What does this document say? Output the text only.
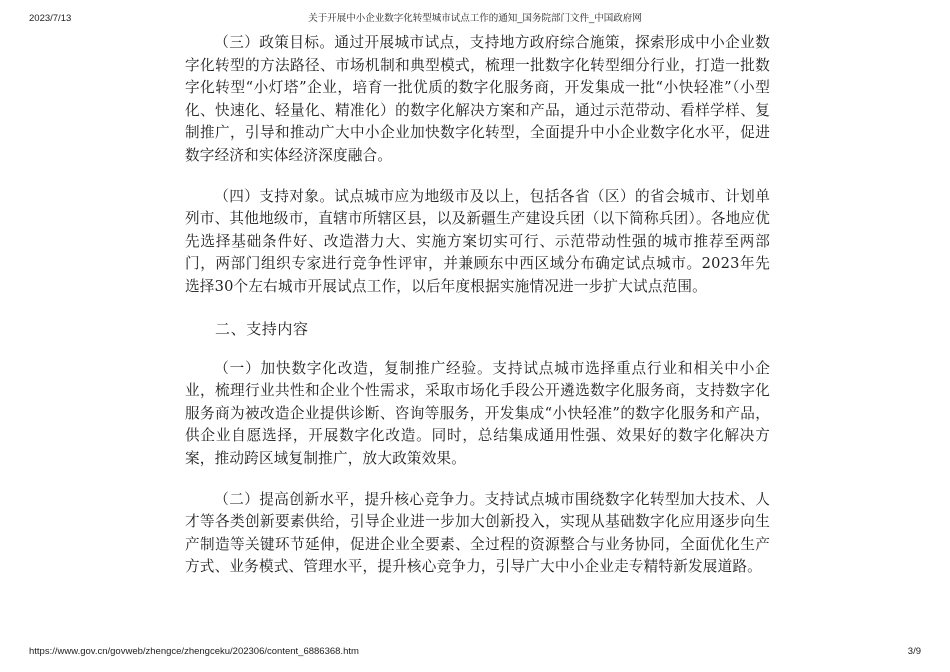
2023/7/13	关于开展中小企业数字化转型城市试点工作的通知_国务院部门文件_中国政府网

（三）政策目标。通过开展城市试点，支持地方政府综合施策，探索形成中小企业数字化转型的方法路径、市场机制和典型模式，梳理一批数字化转型细分行业，打造一批数字化转型“小灯塔”企业，培育一批优质的数字化服务商，开发集成一批“小快轻准”（小型化、快速化、轻量化、精准化）的数字化解决方案和产品，通过示范带动、看样学样、复制推广，引导和推动广大中小企业加快数字化转型，全面提升中小企业数字化水平，促进数字经济和实体经济深度融合。

（四）支持对象。试点城市应为地级市及以上，包括各省（区）的省会城市、计划单列市、其他地级市，直辖市所辖区县，以及新疆生产建设兵团（以下简称兵团）。各地应优先选择基础条件好、改造潜力大、实施方案切实可行、示范带动性强的城市推荐至两部门，两部门组织专家进行竞争性评审，并兼顾东中西区域分布确定试点城市。2023年先选择30个左右城市开展试点工作，以后年度根据实施情况进一步扩大试点范围。

二、支持内容

（一）加快数字化改造，复制推广经验。支持试点城市选择重点行业和相关中小企业，梳理行业共性和企业个性需求，采取市场化手段公开遴选数字化服务商，支持数字化服务商为被改造企业提供诊断、咨询等服务，开发集成“小快轻准”的数字化服务和产品，供企业自愿选择，开展数字化改造。同时，总结集成通用性强、效果好的数字化解决方案，推动跨区域复制推广，放大政策效果。

（二）提高创新水平，提升核心竞争力。支持试点城市围绕数字化转型加大技术、人才等各类创新要素供给，引导企业进一步加大创新投入，实现从基础数字化应用逐步向生产制造等关键环节延伸，促进企业全要素、全过程的资源整合与业务协同，全面优化生产方式、业务模式、管理水平，提升核心竞争力，引导广大中小企业走专精特新发展道路。

https://www.gov.cn/govweb/zhengce/zhengceku/202306/content_6886368.htm	3/9
